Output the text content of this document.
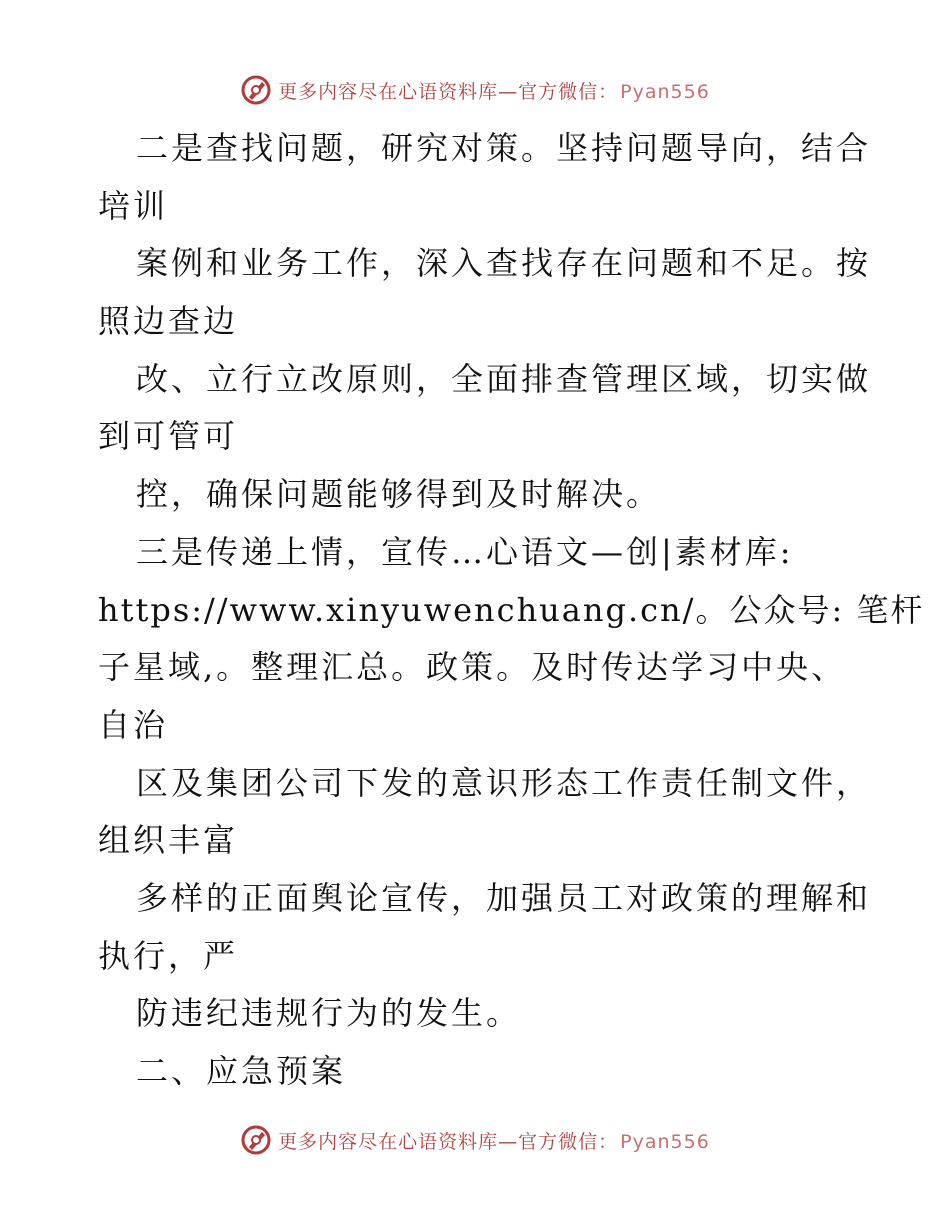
更多内容尽在心语资料库—官方微信： Pyan556
二是查找问题，研究对策。坚持问题导向，结合
培训
案例和业务工作，深入查找存在问题和不足。按
照边查边
改、立行立改原则，全面排查管理区域，切实做
到可管可
控，确保问题能够得到及时解决。
三是传递上情，宣传…心语文—创|素材库:
https://www.xinyuwenchuang.cn/。公众号: 笔杆
子星域,。整理汇总。政策。及时传达学习中央、
自治
区及集团公司下发的意识形态工作责任制文件，
组织丰富
多样的正面舆论宣传，加强员工对政策的理解和
执行，严
防违纪违规行为的发生。
二、应急预案
更多内容尽在心语资料库—官方微信： Pyan556
